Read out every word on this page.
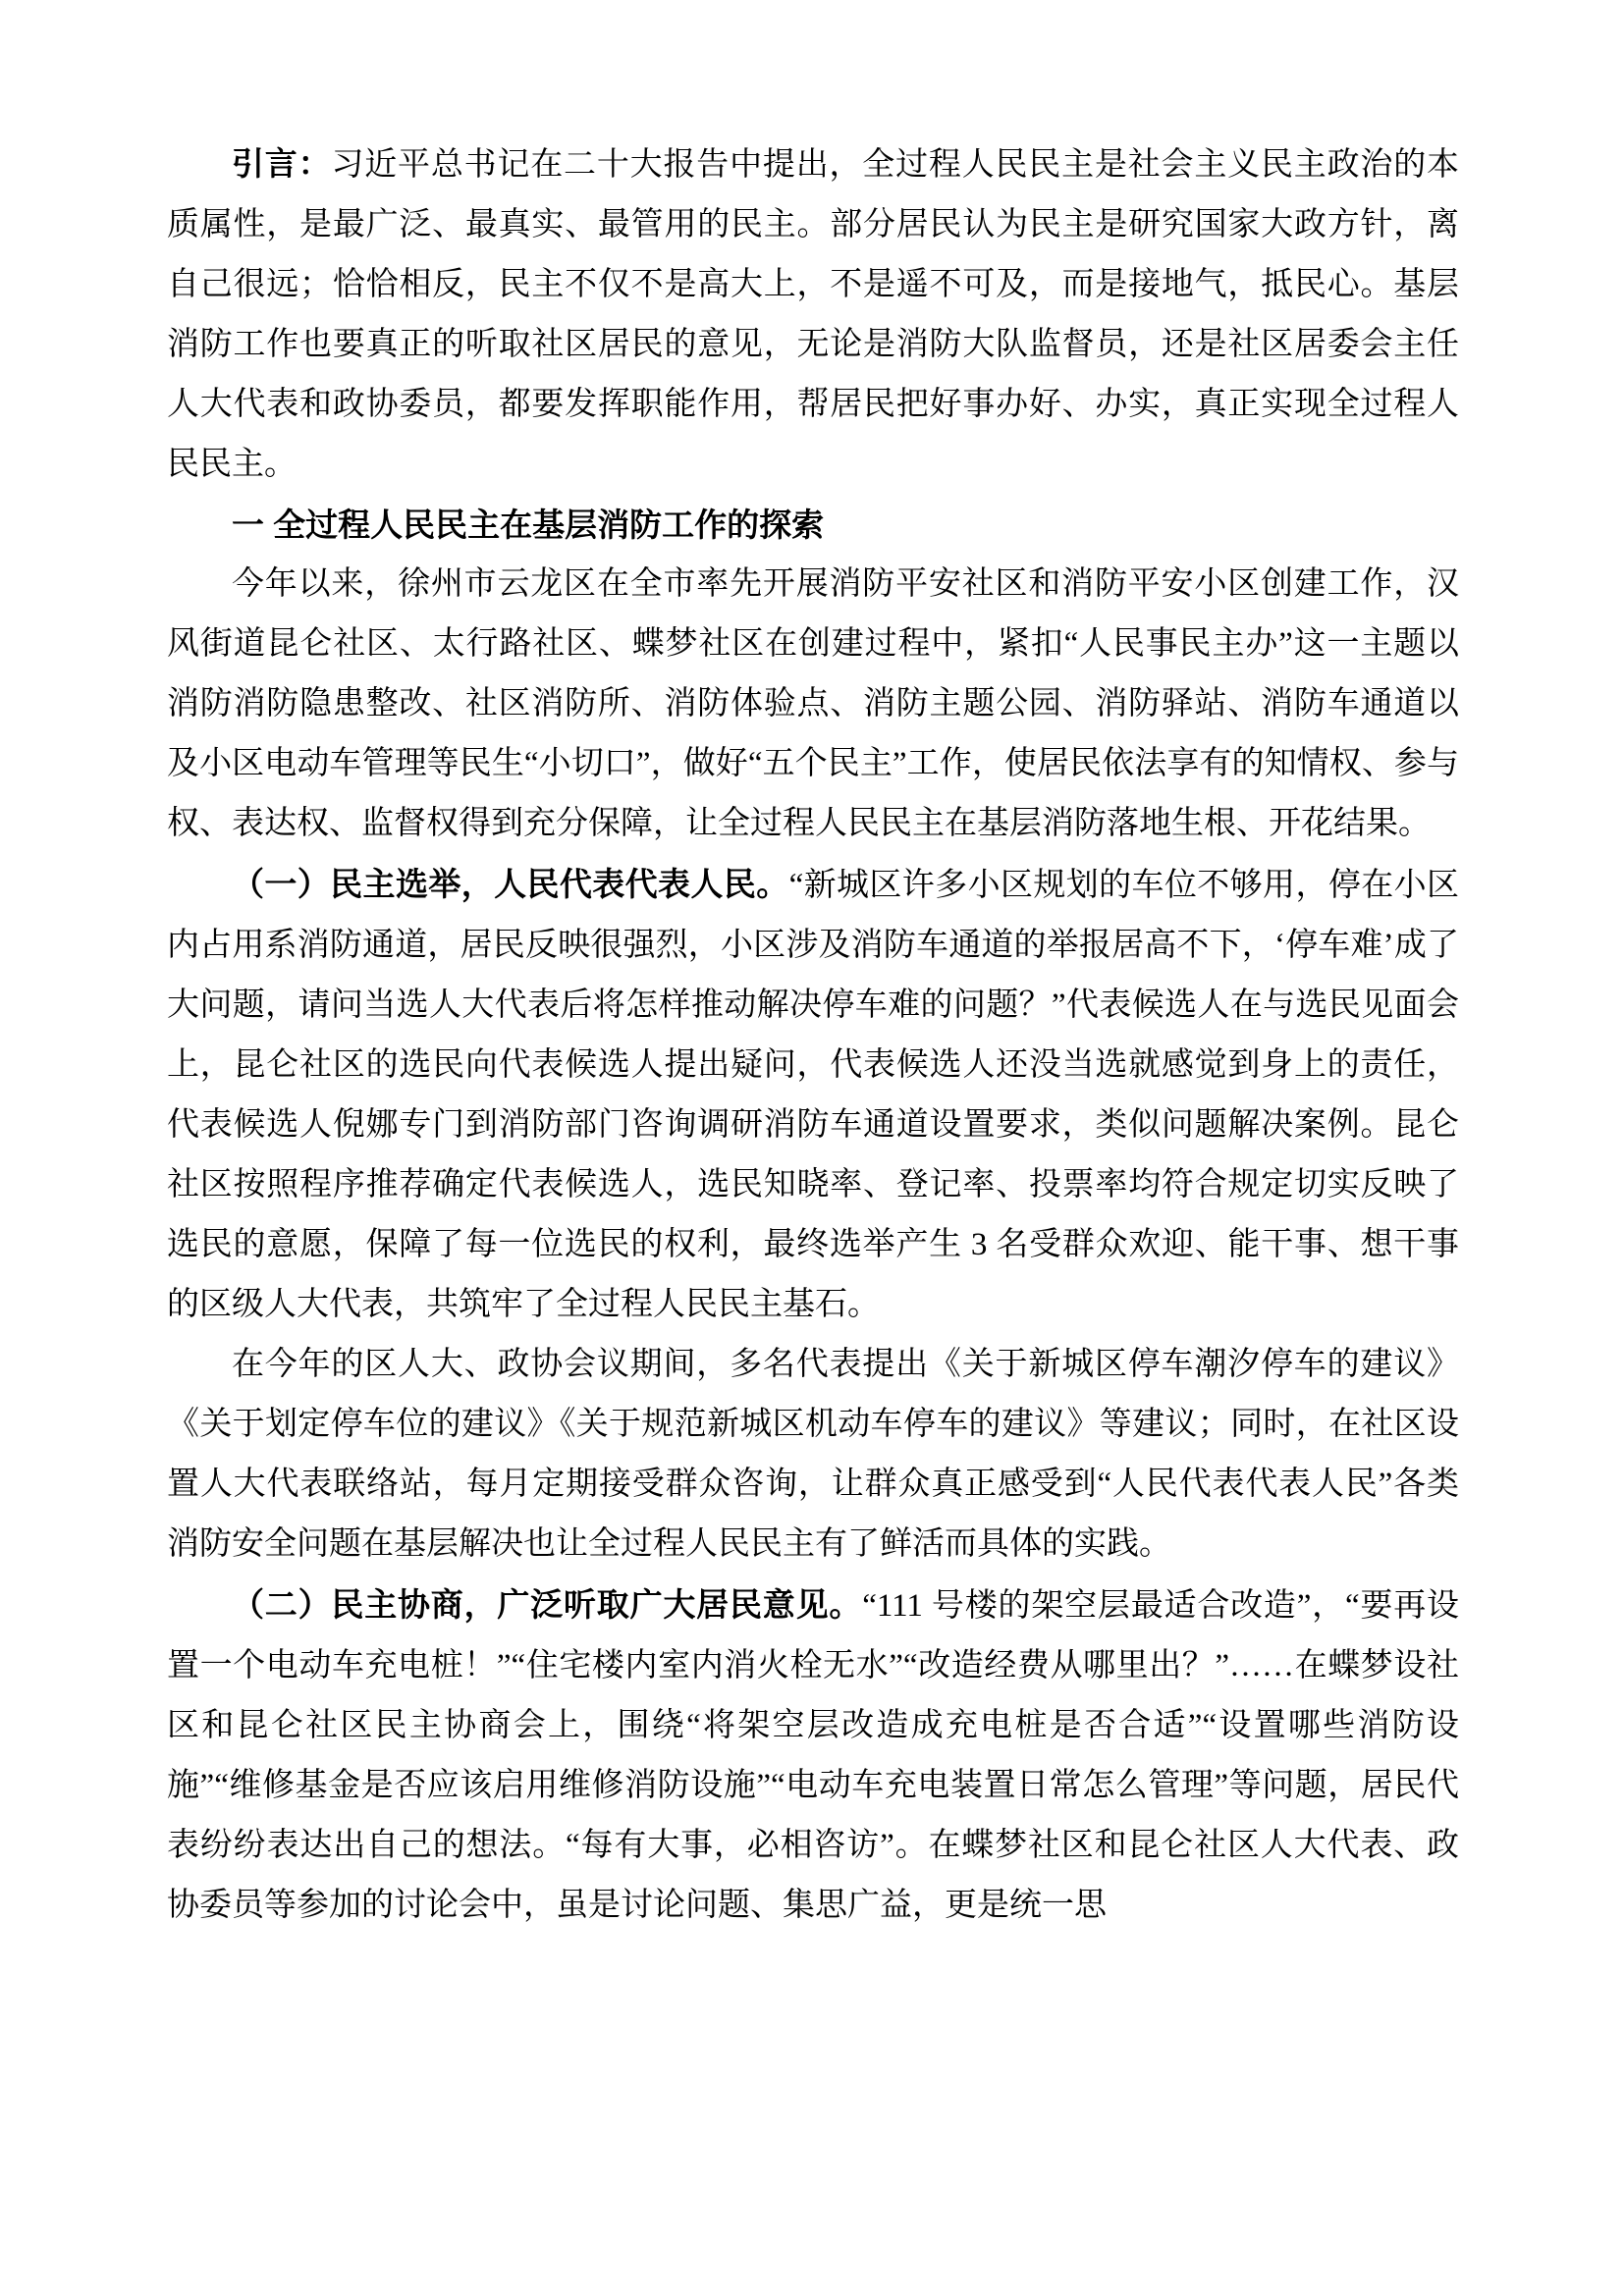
引言：习近平总书记在二十大报告中提出，全过程人民民主是社会主义民主政治的本质属性，是最广泛、最真实、最管用的民主。部分居民认为民主是研究国家大政方针，离自己很远；恰恰相反，民主不仅不是高大上，不是遥不可及，而是接地气，抵民心。基层消防工作也要真正的听取社区居民的意见，无论是消防大队监督员，还是社区居委会主任人大代表和政协委员，都要发挥职能作用，帮居民把好事办好、办实，真正实现全过程人民民主。

一 全过程人民民主在基层消防工作的探索

今年以来，徐州市云龙区在全市率先开展消防平安社区和消防平安小区创建工作，汉风街道昆仑社区、太行路社区、蝶梦社区在创建过程中，紧扣“人民事民主办”这一主题以消防消防隐患整改、社区消防所、消防体验点、消防主题公园、消防驿站、消防车通道以及小区电动车管理等民生“小切口”，做好“五个民主”工作，使居民依法享有的知情权、参与权、表达权、监督权得到充分保障，让全过程人民民主在基层消防落地生根、开花结果。

（一）民主选举，人民代表代表人民。“新城区许多小区规划的车位不够用，停在小区内占用系消防通道，居民反映很强烈，小区涉及消防车通道的举报居高不下，‘停车难’成了大问题，请问当选人大代表后将怎样推动解决停车难的问题？”代表候选人在与选民见面会上，昆仑社区的选民向代表候选人提出疑问，代表候选人还没当选就感觉到身上的责任，代表候选人倪娜专门到消防部门咨询调研消防车通道设置要求，类似问题解决案例。昆仑社区按照程序推荐确定代表候选人，选民知晓率、登记率、投票率均符合规定切实反映了选民的意愿，保障了每一位选民的权利，最终选举产生 3 名受群众欢迎、能干事、想干事的区级人大代表，共筑牢了全过程人民民主基石。

在今年的区人大、政协会议期间，多名代表提出《关于新城区停车潮汐停车的建议》《关于划定停车位的建议》《关于规范新城区机动车停车的建议》等建议；同时，在社区设置人大代表联络站，每月定期接受群众咨询，让群众真正感受到“人民代表代表人民”各类消防安全问题在基层解决也让全过程人民民主有了鲜活而具体的实践。

（二）民主协商，广泛听取广大居民意见。“111 号楼的架空层最适合改造”，“要再设置一个电动车充电桩！”“住宅楼内室内消火栓无水”“改造经费从哪里出？”……在蝶梦设社区和昆仑社区民主协商会上，围绕“将架空层改造成充电桩是否合适”“设置哪些消防设施”“维修基金是否应该启用维修消防设施”“电动车充电装置日常怎么管理”等问题，居民代表纷纷表达出自己的想法。“每有大事，必相咨访”。在蝶梦社区和昆仑社区人大代表、政协委员等参加的讨论会中，虽是讨论问题、集思广益，更是统一思
